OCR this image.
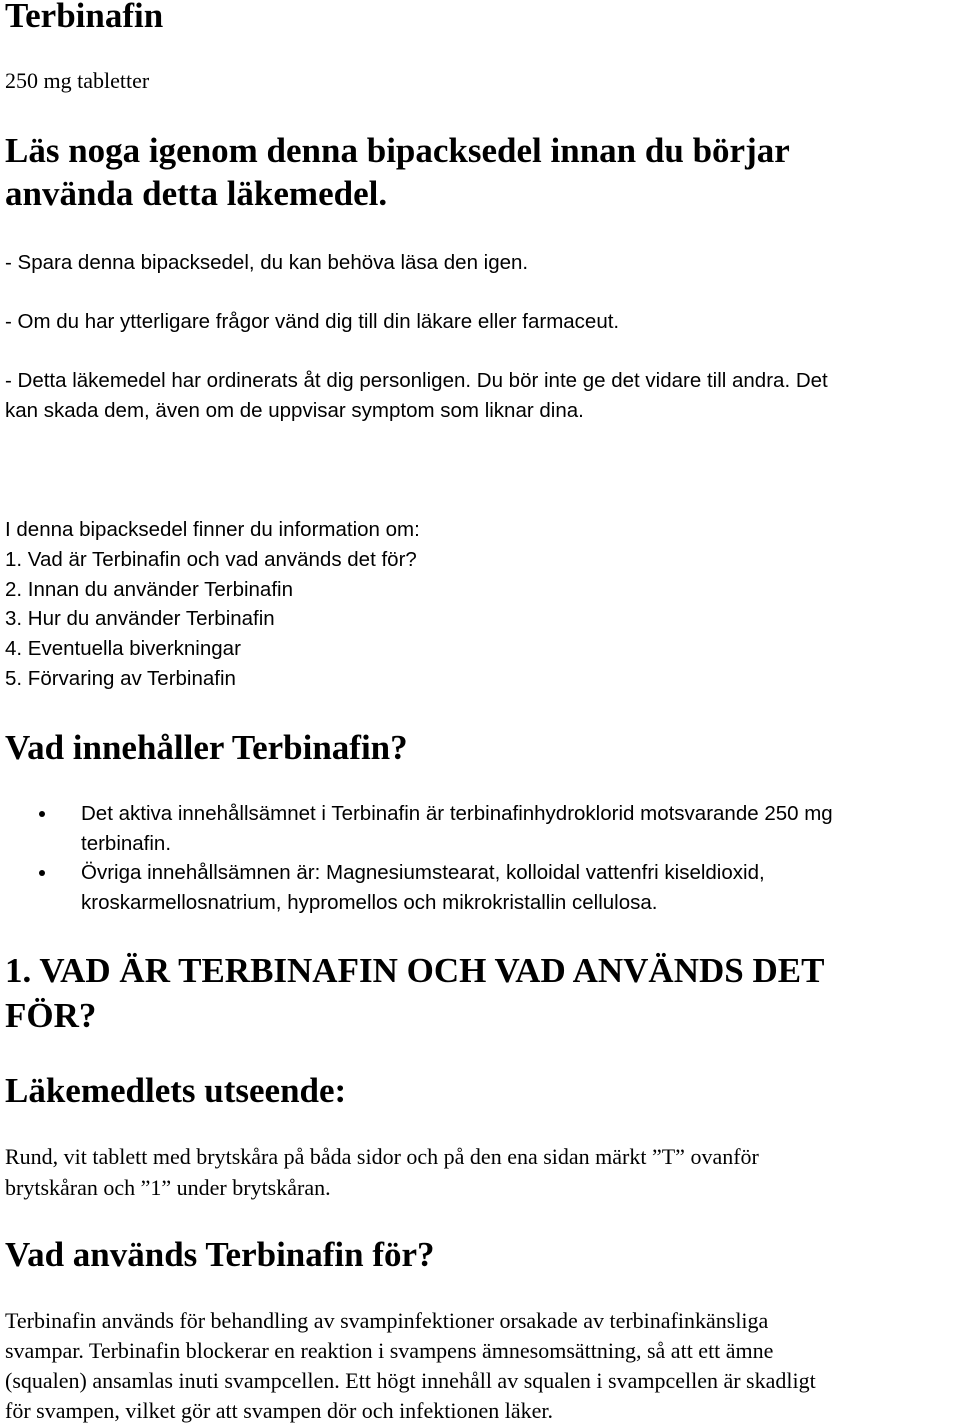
Terbinafin
250 mg tabletter
Läs noga igenom denna bipacksedel innan du börjar
använda detta läkemedel.
- Spara denna bipacksedel, du kan behöva läsa den igen.
- Om du har ytterligare frågor vänd dig till din läkare eller farmaceut.
- Detta läkemedel har ordinerats åt dig personligen. Du bör inte ge det vidare till andra. Det
kan skada dem, även om de uppvisar symptom som liknar dina.
I denna bipacksedel finner du information om:
1. Vad är Terbinafin och vad används det för?
2. Innan du använder Terbinafin
3. Hur du använder Terbinafin
4. Eventuella biverkningar
5. Förvaring av Terbinafin
Vad innehåller Terbinafin?
Det aktiva innehållsämnet i Terbinafin är terbinafinhydroklorid motsvarande 250 mg
terbinafin.
Övriga innehållsämnen är: Magnesiumstearat, kolloidal vattenfri kiseldioxid,
kroskarmellosnatrium, hypromellos och mikrokristallin cellulosa.
1. VAD ÄR TERBINAFIN OCH VAD ANVÄNDS DET
FÖR?
Läkemedlets utseende:
Rund, vit tablett med brytskåra på båda sidor och på den ena sidan märkt ”T” ovanför
brytskåran och ”1” under brytskåran.
Vad används Terbinafin för?
Terbinafin används för behandling av svampinfektioner orsakade av terbinafinkänsliga
svampar. Terbinafin blockerar en reaktion i svampens ämnesomsättning, så att ett ämne
(squalen) ansamlas inuti svampcellen. Ett högt innehåll av squalen i svampcellen är skadligt
för svampen, vilket gör att svampen dör och infektionen läker.
